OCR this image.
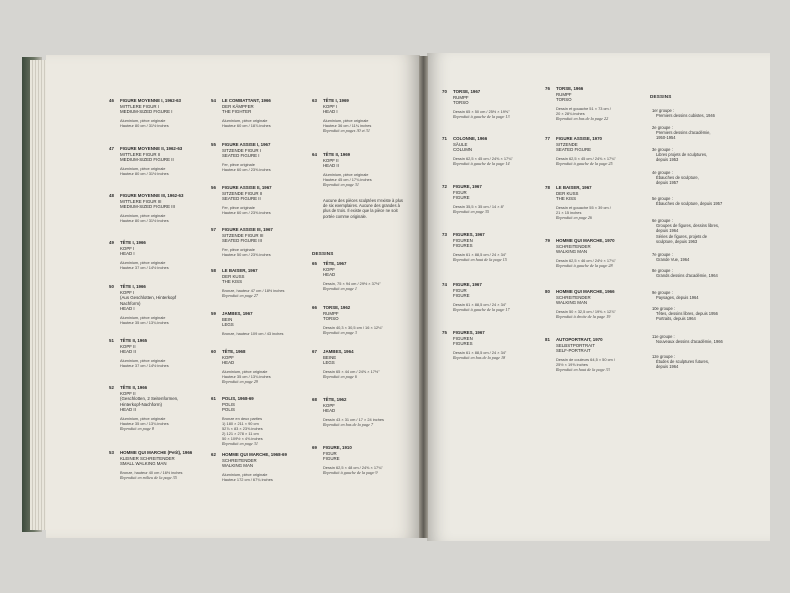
46 FIGURE MOYENNE I, 1962-63
MITTLERE FIGUR I
MEDIUM-SIZED FIGURE I
Aluminium, pièce originale
Hauteur 80 cm / 31½ inches
47 FIGURE MOYENNE II, 1962-63
MITTLERE FIGUR II
MEDIUM-SIZED FIGURE II
Aluminium, pièce originale
Hauteur 80 cm / 31½ inches
48 FIGURE MOYENNE III, 1962-63
MITTLERE FIGUR III
MEDIUM-SIZED FIGURE III
Aluminium, pièce originale
Hauteur 80 cm / 31½ inches
49 TÊTE I, 1966
KOPF I
HEAD I
Aluminium, pièce originale
Hauteur 37 cm / 14½ inches
50 TÊTE I, 1966
KOPF I
(Aus Geschlotten, Hinterkopf
Nachform)
HEAD I
Aluminium, pièce originale
Hauteur 35 cm / 13¾ inches
51 TÊTE II, 1965
KOPF II
HEAD II
Aluminium, pièce originale
Hauteur 37 cm / 14½ inches
52 TÊTE II, 1966
KOPF II
(Geschlotten, 2 Seitenformen,
Hinterkopf-Nachform)
HEAD II
Aluminium, pièce originale
Hauteur 35 cm / 13¾ inches
Reproduit en page 8
53 HOMME QUI MARCHE (Petit), 1966
KLEINER SCHREITENDER
SMALL WALKING MAN
Bronze, hauteur 40 cm / 16½ inches
Reproduit en milieu de la page 35
54 LE COMBATTANT, 1966
DER KÄMPFER
THE FIGHTER
Aluminium, pièce originale
Hauteur 60 cm / 18⅞ inches
55 FIGURE ASSISE I, 1967
SITZENDE FIGUR I
SEATED FIGURE I
Fer, pièce originale
Hauteur 60 cm / 23⅝ inches
56 FIGURE ASSISE II, 1967
SITZENDE FIGUR II
SEATED FIGURE II
Fer, pièce originale
Hauteur 60 cm / 23⅝ inches
57 FIGURE ASSISE III, 1967
SITZENDE FIGUR III
SEATED FIGURE III
Fer, pièce originale
Hauteur 50 cm / 23⅝ inches
58 LE BAISER, 1967
DER KUSS
THE KISS
Bronze, hauteur 47 cm / 18½ inches
Reproduit en page 27
59 JAMBES, 1967
BEIN
LEGS
Bronze, hauteur 109 cm / 43 inches
60 TÊTE, 1968
KOPF
HEAD
Aluminium, pièce originale
Hauteur 35 cm / 13¾ inches
Reproduit en page 29
61 POLIS, 1968-69
POLIS
POLIS
Bronze en deux parties
1) 180 × 211 × 90 cm
52⅞ × 83 × 23⅝ inches
2) 121 × 278 × 11 cm
50 × 109½ × 4⅜ inches
Reproduit en page 31
62 HOMME QUI MARCHE, 1968-69
SCHREITENDER
WALKING MAN
Aluminium, pièce originale
Hauteur 172 cm / 67¾ inches
63 TÊTE I, 1969
KOPF I
HEAD I
Aluminium, pièce originale
Hauteur 36 cm / 11¾ inches
Reproduit en pages 30 et 31
64 TÊTE II, 1969
KOPF II
HEAD II
Aluminium, pièce originale
Hauteur 45 cm / 17¾ inches
Reproduit en page 31
Aucune des pièces sculptées n'existe à plus de six exemplaires. Aucune des grandes à plus de trois. Il existe que la pièce ne soit portée comme originale.
DESSINS
65 TÊTE, 1967
KOPF
HEAD
Dessin, 75 × 94 cm / 29½ × 37½"
Reproduit en page 1
66 TORSE, 1962
RUMPF
TORSO
Dessin 40,3 × 30,5 cm / 16 × 12⅛"
Reproduit en page 3
67 JAMBES, 1964
BEINE
LEGS
Dessin 65 × 44 cm / 24⅝ × 17½"
Reproduit en page 6
68 TÊTE, 1962
KOPF
HEAD
Dessin 43 × 31 cm / 17 × 24 inches
Reproduit en bas de la page 7
69 FIGURE, 1910
FIGUR
FIGURE
Dessin 62,5 × 48 cm / 24⅝ × 17¾"
Reproduit à gauche de la page 9
70 TORSE, 1967
RUMPF
TORSO
Dessin 65 × 50 cm / 25½ × 19⅝"
Reproduit à gauche de la page 13
71 COLONNE, 1966
SÄULE
COLUMN
Dessin 62,5 × 45 cm / 24⅝ × 17¾"
Reproduit à gauche de la page 14
72 FIGURE, 1967
FIGUR
FIGURE
Dessin 35,5 × 35 cm / 14 × 8"
Reproduit en page 35
73 FIGURES, 1967
FIGUREN
FIGURES
Dessin 61 × 88,5 cm / 24 × 34"
Reproduit en haut de la page 15
74 FIGURE, 1967
FIGUR
FIGURE
Dessin 61 × 88,5 cm / 24 × 34"
Reproduit à gauche de la page 17
75 FIGURES, 1967
FIGUREN
FIGURES
Dessin 61 × 88,5 cm / 24 × 34"
Reproduit en bas de la page 18
76 TORSE, 1966
RUMPF
TORSO
Dessin et gouache 51 × 73 cm /
20 × 28¾ inches
Reproduit en bas de la page 22
77 FIGURE ASSISE, 1970
SITZENDE
SEATED FIGURE
Dessin 62,5 × 45 cm / 24⅝ × 17¾"
Reproduit à gauche de la page 25
78 LE BAISER, 1967
DER KUSS
THE KISS
Dessin et gouache 55 × 39 cm /
21 × 15 inches
Reproduit en page 26
79 HOMME QUI MARCHE, 1970
SCHREITENDER
WALKING MAN
Dessin 62,5 × 46 cm / 24½ × 17¾"
Reproduit à gauche de la page 28
80 HOMME QUI MARCHE, 1966
SCHREITENDER
WALKING MAN
Dessin 50 × 32,5 cm / 19⅝ × 12⅞"
Reproduit à droite de la page 19
81 AUTOPORTRAIT, 1970
SELBSTPORTRAIT
SELF-PORTRAIT
Dessin de couleurs 64,5 × 50 cm /
25½ × 19⅝ inches
Reproduit en haut de la page 33
DESSINS
1er groupe :
Premiers dessins cubistes, 1946
2e groupe :
Premiers dessins d'académie,
1950-1954
3e groupe :
Libres projets de sculptures,
depuis 1953
4e groupe :
Ébauches de sculpture,
depuis 1957
5e groupe :
Ébauches de sculpture, depuis 1957
6e groupe :
Groupes de figures, dessins libres,
depuis 1964
Séries de figures, projets de
sculpture, depuis 1963
7e groupe :
Grande Vue, 1964
8e groupe :
Grands dessins d'académie, 1964
9e groupe :
Paysages, depuis 1964
10e groupe :
Têtes, dessins libres, depuis 1956
Portraits, depuis 1964
11e groupe :
Nouveaux dessins d'académie, 1966
12e groupe :
Études de sculptures futures,
depuis 1964
